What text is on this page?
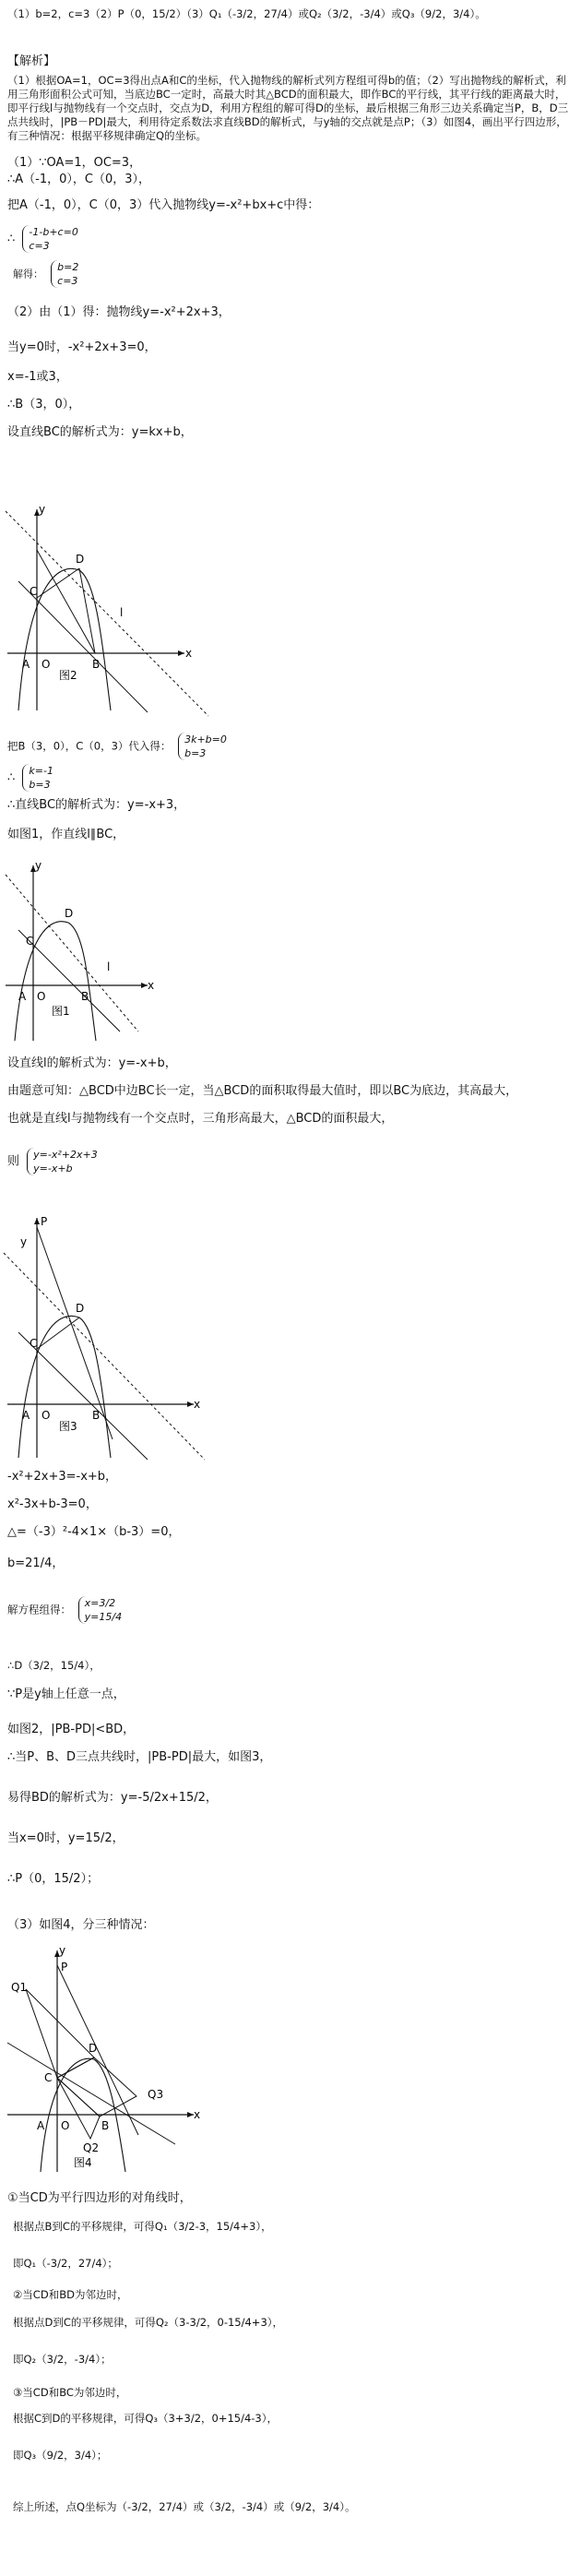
（1）b=2，c=3（2）P（0，15/2）（3）Q₁（-3/2，27/4）或Q₂（3/2，-3/4）或Q₃（9/2，3/4）。
【解析】
（1）根据OA=1，OC=3得出点A和C的坐标，代入抛物线的解析式列方程组可得b的值；（2）写出抛物线的解析式，利用三角形面积公式可知，当底边BC一定时，高最大时其△BCD的面积最大，即作BC的平行线，其平行线的距离最大时，即平行线l与抛物线有一个交点时，交点为D，利用方程组的解可得D的坐标，最后根据三角形三边关系确定当P，B，D三点共线时，|PB－PD|最大，利用待定系数法求直线BD的解析式，与y轴的交点就是点P；（3）如图4，画出平行四边形，有三种情况：根据平移规律确定Q的坐标。
（1）∵OA=1，OC=3，
∴A（-1，0），C（0，3），
把A（-1，0），C（0，3）代入抛物线y=-x²+bx+c中得：
∴ -1-b+c=0
c=3
解得：
b=2
c=3
（2）由（1）得：抛物线y=-x²+2x+3，
当y=0时，-x²+2x+3=0，
x=-1或3，
∴B（3，0），
设直线BC的解析式为：y=kx+b，
y
x
A O	B
C
D
l
图2
把B（3，0），C（0，3）代入得： 3k+b=0
b=3
∴ k=-1
b=3
∴直线BC的解析式为：y=-x+3，
如图1，作直线l∥BC，
y
x
A O	B
C
D
l
图1
设直线l的解析式为：y=-x+b，
由题意可知：△BCD中边BC长一定，当△BCD的面积取得最大值时，即以BC为底边，其高最大，
也就是直线l与抛物线有一个交点时，三角形高最大，△BCD的面积最大，
则 y=-x²+2x+3
y=-x+b
P
y
x
A O	B
C
D
图3
-x²+2x+3=-x+b，
x²-3x+b-3=0，
△=（-3）²-4×1×（b-3）=0，
b=21/4，
解方程组得： x=3/2
y=15/4
∴D（3/2，15/4），
∵P是y轴上任意一点，
如图2，|PB-PD|<BD，
∴当P、B、D三点共线时，|PB-PD|最大，如图3，
易得BD的解析式为：y=-5/2x+15/2，
当x=0时，y=15/2，
∴P（0，15/2）；
（3）如图4，分三种情况：
y
x
P
Q1
C
D
A O	B
Q3
Q2
图4
①当CD为平行四边形的对角线时，
根据点B到C的平移规律，可得Q₁（3/2-3，15/4+3），
即Q₁（-3/2，27/4）；
②当CD和BD为邻边时，
根据点D到C的平移规律，可得Q₂（3-3/2，0-15/4+3），
即Q₂（3/2，-3/4）；
③当CD和BC为邻边时，
根据C到D的平移规律，可得Q₃（3+3/2，0+15/4-3），
即Q₃（9/2，3/4）；
综上所述，点Q坐标为（-3/2，27/4）或（3/2，-3/4）或（9/2，3/4）。
